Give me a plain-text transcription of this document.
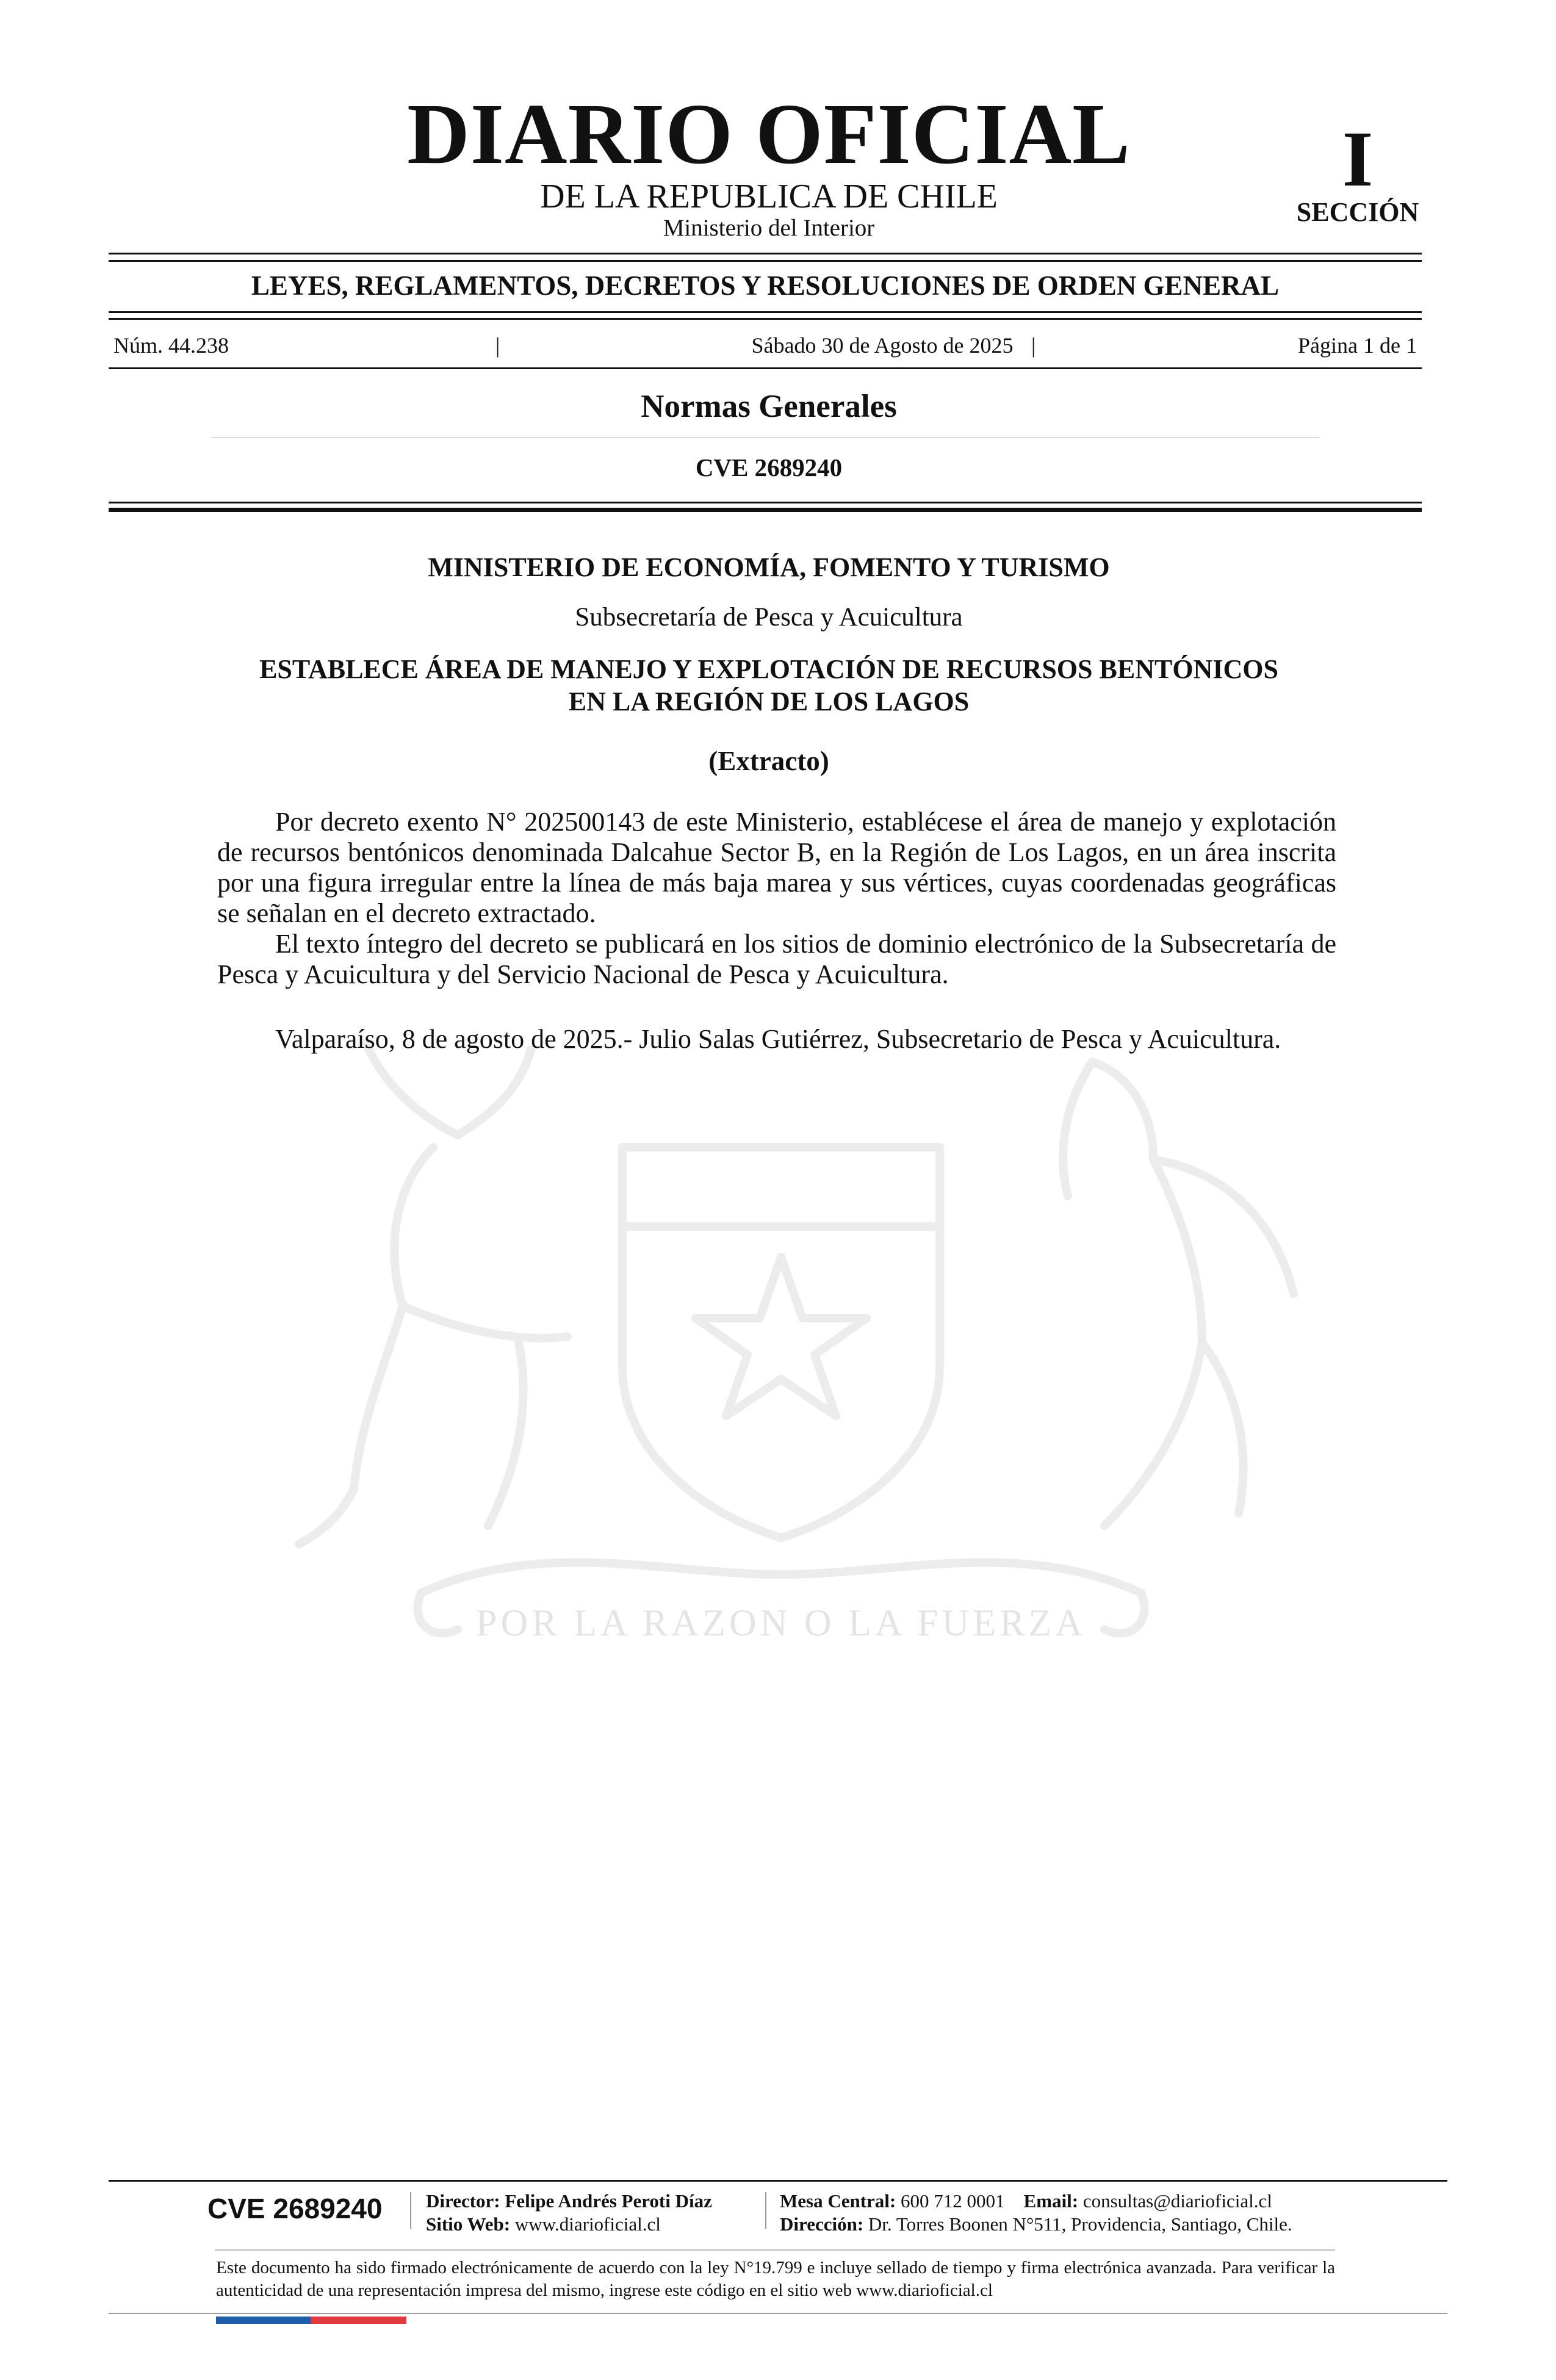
DIARIO OFICIAL
DE LA REPUBLICA DE CHILE
Ministerio del Interior
I
SECCIÓN
LEYES, REGLAMENTOS, DECRETOS Y RESOLUCIONES DE ORDEN GENERAL
Núm. 44.238	|	Sábado 30 de Agosto de 2025 |	Página 1 de 1
Normas Generales
CVE 2689240
POR LA RAZON O LA FUERZA
MINISTERIO DE ECONOMÍA, FOMENTO Y TURISMO
Subsecretaría de Pesca y Acuicultura
ESTABLECE ÁREA DE MANEJO Y EXPLOTACIÓN DE RECURSOS BENTÓNICOS
EN LA REGIÓN DE LOS LAGOS
(Extracto)

Por decreto exento N° 202500143 de este Ministerio, establécese el área de manejo y explotación de recursos bentónicos denominada Dalcahue Sector B, en la Región de Los Lagos, en un área inscrita por una figura irregular entre la línea de más baja marea y sus vértices, cuyas coordenadas geográficas se señalan en el decreto extractado.

El texto íntegro del decreto se publicará en los sitios de dominio electrónico de la Subsecretaría de Pesca y Acuicultura y del Servicio Nacional de Pesca y Acuicultura.

Valparaíso, 8 de agosto de 2025.- Julio Salas Gutiérrez, Subsecretario de Pesca y Acuicultura.

CVE 2689240	Director: Felipe Andrés Peroti Díaz
Sitio Web: www.diarioficial.cl
Mesa Central: 600 712 0001 Email: consultas@diarioficial.cl
Dirección: Dr. Torres Boonen N°511, Providencia, Santiago, Chile.
Este documento ha sido firmado electrónicamente de acuerdo con la ley N°19.799 e incluye sellado de tiempo y firma electrónica avanzada. Para verificar la autenticidad de una representación impresa del mismo, ingrese este código en el sitio web www.diarioficial.cl
